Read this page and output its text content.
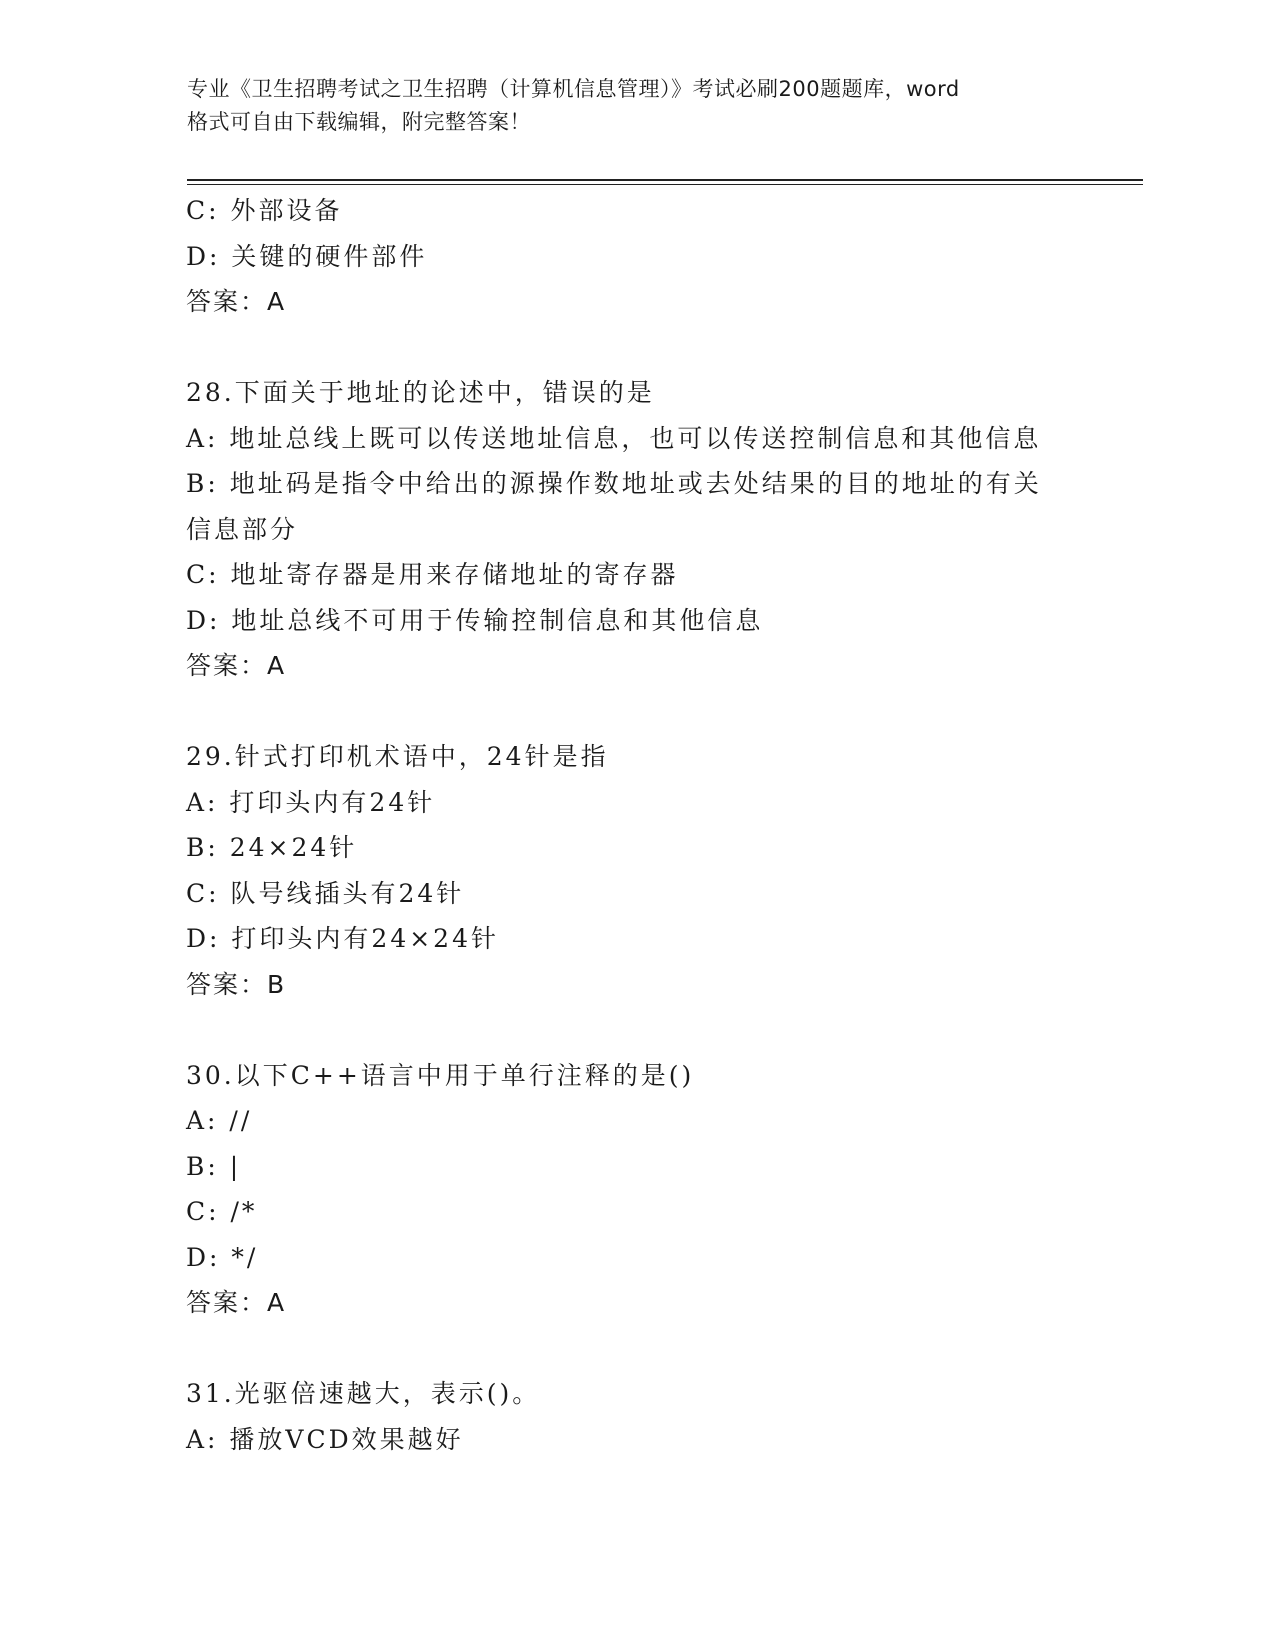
专业《卫生招聘考试之卫生招聘（计算机信息管理）》考试必刷200题题库，word
格式可自由下载编辑，附完整答案！
C: 外部设备
D: 关键的硬件部件
答案：A
28.下面关于地址的论述中，错误的是
A: 地址总线上既可以传送地址信息，也可以传送控制信息和其他信息
B: 地址码是指令中给出的源操作数地址或去处结果的目的地址的有关信息部分
C: 地址寄存器是用来存储地址的寄存器
D: 地址总线不可用于传输控制信息和其他信息
答案：A
29.针式打印机术语中，24针是指
A: 打印头内有24针
B: 24×24针
C: 队号线插头有24针
D: 打印头内有24×24针
答案：B
30.以下C++语言中用于单行注释的是()
A: //
B: |
C: /*
D: */
答案：A
31.光驱倍速越大，表示()。
A: 播放VCD效果越好
